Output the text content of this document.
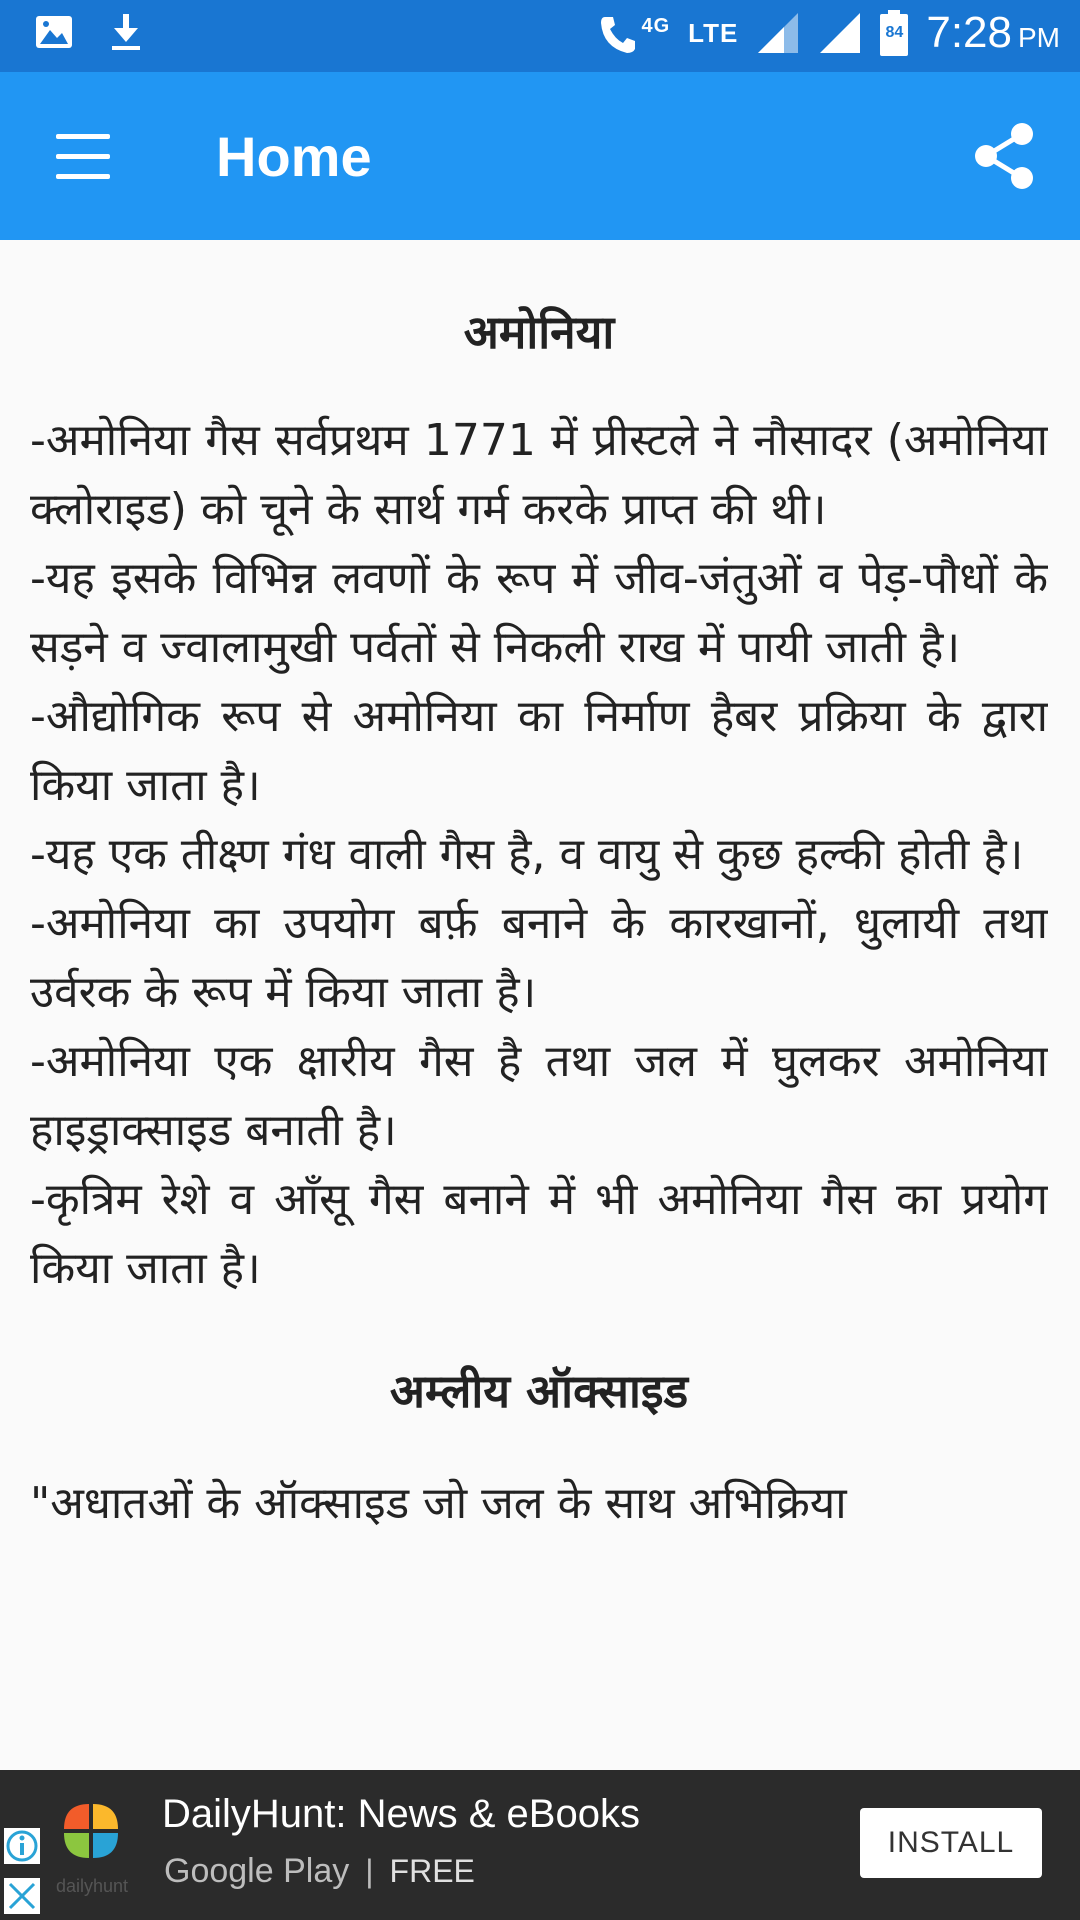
4G LTE	84 7:28 PM
Home
अमोनिया

-अमोनिया गैस सर्वप्रथम 1771 में प्रीस्टले ने नौसादर (अमोनिया क्लोराइड) को चूने के सार्थ गर्म करके प्राप्त की थी।

-यह इसके विभिन्न लवणों के रूप में जीव-जंतुओं व पेड़-पौधों के सड़ने व ज्वालामुखी पर्वतों से निकली राख में पायी जाती है।

-औद्योगिक रूप से अमोनिया का निर्माण हैबर प्रक्रिया के द्वारा किया जाता है।

-यह एक तीक्ष्ण गंध वाली गैस है, व वायु से कुछ हल्की होती है।

-अमोनिया का उपयोग बर्फ़ बनाने के कारखानों, धुलायी तथा उर्वरक के रूप में किया जाता है।

-अमोनिया एक क्षारीय गैस है तथा जल में घुलकर अमोनिया हाइड्राक्साइड बनाती है।

-कृत्रिम रेशे व आँसू गैस बनाने में भी अमोनिया गैस का प्रयोग किया जाता है।

अम्लीय ऑक्साइड

"अधातओं के ऑक्साइड जो जल के साथ अभिक्रिया

dailyhunt
DailyHunt: News & eBooks
Google Play | FREE
INSTALL
